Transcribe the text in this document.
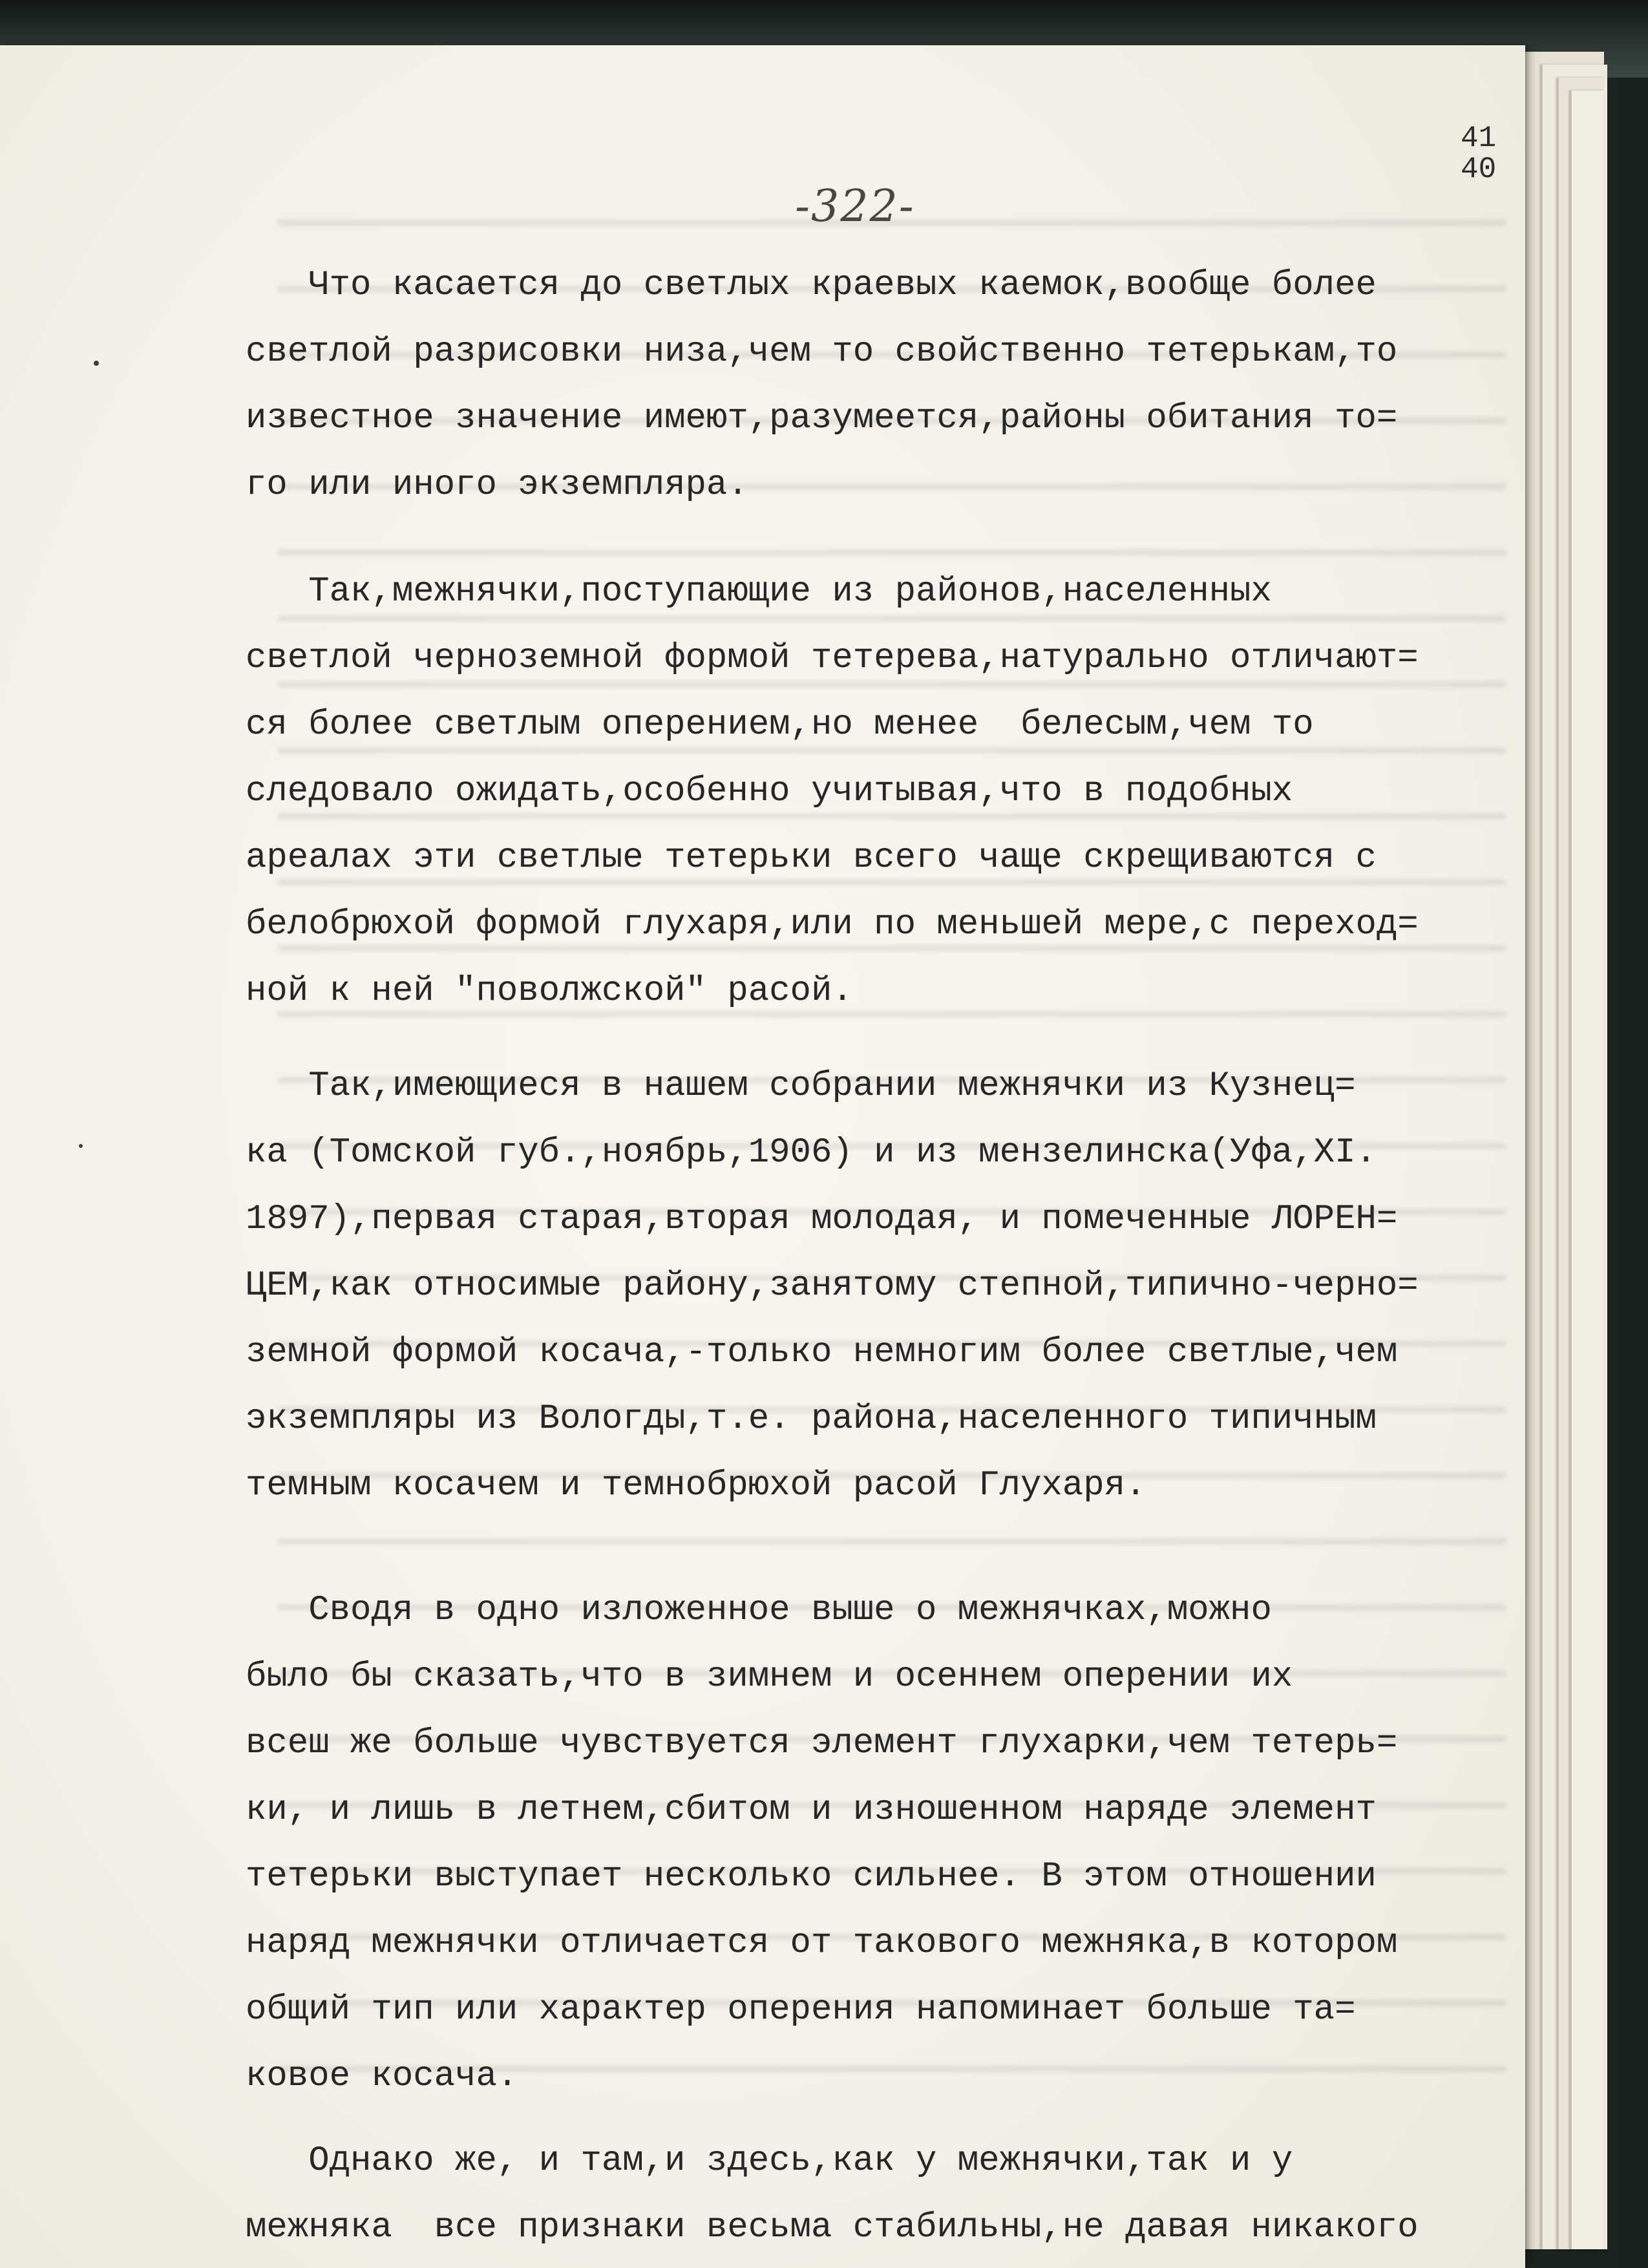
41
40
-322-
Что касается до светлых краевых каемок,вообще более
светлой разрисовки низа,чем то свойственно тетерькам,то
известное значение имеют,разумеется,районы обитания то=
го или иного экземпляра.
Так,межнячки,поступающие из районов,населенных
светлой черноземной формой тетерева,натурально отличают=
ся более светлым оперением,но менее  белесым,чем то
следовало ожидать,особенно учитывая,что в подобных
ареалах эти светлые тетерьки всего чаще скрещиваются с
белобрюхой формой глухаря,или по меньшей мере,с переход=
ной к ней "поволжской" расой.
Так,имеющиеся в нашем собрании межнячки из Кузнец=
ка (Томской губ.,ноябрь,1906) и из мензелинска(Уфа,XI.
1897),первая старая,вторая молодая, и помеченные ЛОРЕН=
ЦЕМ,как относимые району,занятому степной,типично-черно=
земной формой косача,-только немногим более светлые,чем
экземпляры из Вологды,т.е. района,населенного типичным
темным косачем и темнобрюхой расой Глухаря.
Сводя в одно изложенное выше о межнячках,можно
было бы сказать,что в зимнем и осеннем оперении их
всеш же больше чувствуется элемент глухарки,чем тетерь=
ки, и лишь в летнем,сбитом и изношенном наряде элемент
тетерьки выступает несколько сильнее. В этом отношении
наряд межнячки отличается от такового межняка,в котором
общий тип или характер оперения напоминает больше та=
ковое косача.
Однако же, и там,и здесь,как у межнячки,так и у
межняка  все признаки весьма стабильны,не давая никакого
